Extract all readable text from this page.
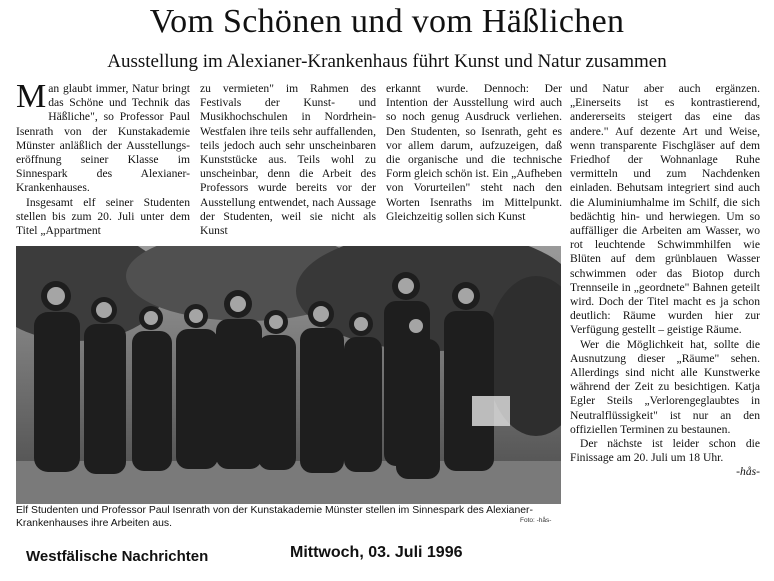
Vom Schönen und vom Häßlichen
Ausstellung im Alexianer-Krankenhaus führt Kunst und Natur zusammen

Man glaubt immer, Natur bringt das Schöne und Technik das Häßliche", so Professor Paul Isenrath von der Kunstakademie Münster anläßlich der Ausstellungs-eröffnung seiner Klasse im Sinnespark des Alexianer-Krankenhauses.

Insgesamt elf seiner Studenten stellen bis zum 20. Juli unter dem Titel „Appartment

zu vermieten" im Rahmen des Festivals der Kunst- und Musikhochschulen in Nordrhein-Westfalen ihre teils sehr auffallenden, teils jedoch auch sehr unscheinbaren Kunststücke aus. Teils wohl zu unscheinbar, denn die Arbeit des Professors wurde bereits vor der Ausstellung entwendet, nach Aussage der Studenten, weil sie nicht als Kunst

erkannt wurde. Dennoch: Der Intention der Ausstellung wird auch so noch genug Ausdruck verliehen. Den Studenten, so Isenrath, geht es vor allem darum, aufzuzeigen, daß die organische und die technische Form gleich schön ist. Ein „Aufheben von Vorurteilen" steht nach den Worten Isenraths im Mittelpunkt. Gleichzeitig sollen sich Kunst

und Natur aber auch ergänzen. „Einerseits ist es kontrastierend, andererseits steigert das eine das andere." Auf dezente Art und Weise, wenn transparente Fischgläser auf dem Friedhof der Wohnanlage Ruhe vermitteln und zum Nachdenken einladen. Behutsam integriert sind auch die Aluminiumhalme im Schilf, die sich bedächtig hin- und herwiegen. Um so auffälliger die Arbeiten am Wasser, wo rot leuchtende Schwimmhilfen wie Blüten auf dem grünblauen Wasser schwimmen oder das Biotop durch Trennseile in „geordnete" Bahnen geteilt wird. Doch der Titel macht es ja schon deutlich: Räume wurden hier zur Verfügung gestellt – geistige Räume.

Wer die Möglichkeit hat, sollte die Ausnutzung dieser „Räume" sehen. Allerdings sind nicht alle Kunstwerke während der Zeit zu besichtigen. Katja Egler Steils „Verlorengeglaubtes in Neutralflüssigkeit" ist nur an den offiziellen Terminen zu bestaunen.

Der nächste ist leider schon die Finissage am 20. Juli um 18 Uhr.

-hås-

Elf Studenten und Professor Paul Isenrath von der Kunstakademie Münster stellen im Sinnespark des Alexianer-Krankenhauses ihre Arbeiten aus.	Foto: -hås-
Westfälische Nachrichten	Mittwoch, 03. Juli 1996
